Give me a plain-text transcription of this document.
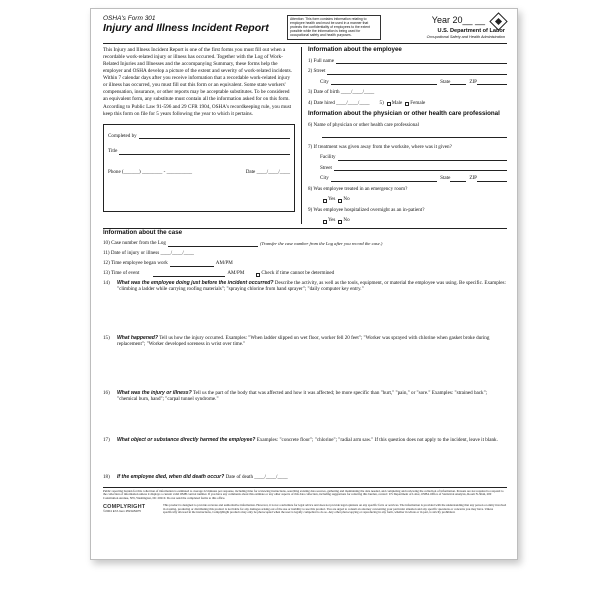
OSHA's Form 301
Injury and Illness Incident Report
Attention: This form contains information relating to employee health and must be used in a manner that protects the confidentiality of employees to the extent possible while the information is being used for occupational safety and health purposes.
Year 20__ __
U.S. Department of Labor
Occupational Safety and Health Administration

This Injury and Illness Incident Report is one of the first forms you must fill out when a recordable work-related injury or illness has occurred. Together with the Log of Work-Related Injuries and Illnesses and the accompanying Summary, these forms help the employer and OSHA develop a picture of the extent and severity of work-related incidents.

Within 7 calendar days after you receive information that a recordable work-related injury or illness has occurred, you must fill out this form or an equivalent. Some state workers' compensation, insurance, or other reports may be acceptable substitutes. To be considered an equivalent form, any substitute must contain all the information asked for on this form.

According to Public Law 91-596 and 29 CFR 1904, OSHA's recordkeeping rule, you must keep this form on file for 5 years following the year to which it pertains.

Completed by
Title
Phone (______) ________ - __________	Date ____/____/____
Information about the employee
1) Full name
2) Street
City	State	ZIP
3) Date of birth ____/____/____
4) Date hired ____/____/____ 5) Male Female
Information about the physician or other health care professional
6) Name of physician or other health care professional
7) If treatment was given away from the worksite, where was it given?
Facility
Street
City	State	ZIP
8) Was employee treated in an emergency room?
Yes No
9) Was employee hospitalized overnight as an in-patient?
Yes No
Information about the case
10) Case number from the Log	(Transfer the case number from the Log after you record the case.)
11) Date of injury or illness ____/____/____
12) Time employee began work	AM/PM
13) Time of event	AM/PM	Check if time cannot be determined
14)	What was the employee doing just before the incident occurred? Describe the activity, as well as the tools, equipment, or material the employee was using. Be specific. Examples: "climbing a ladder while carrying roofing materials"; "spraying chlorine from hand sprayer"; "daily computer key entry."
15)	What happened? Tell us how the injury occurred. Examples: "When ladder slipped on wet floor, worker fell 20 feet"; "Worker was sprayed with chlorine when gasket broke during replacement"; "Worker developed soreness in wrist over time."
16)	What was the injury or illness? Tell us the part of the body that was affected and how it was affected; be more specific than "hurt," "pain," or "sore." Examples: "strained back"; "chemical burn, hand"; "carpal tunnel syndrome."
17)	What object or substance directly harmed the employee? Examples: "concrete floor"; "chlorine"; "radial arm saw." If this question does not apply to the incident, leave it blank.
18)	If the employee died, when did death occur? Date of death ____/____/____
Public reporting burden for this collection of information is estimated to average 22 minutes per response, including time for reviewing instructions, searching existing data sources, gathering and maintaining the data needed, and completing and reviewing the collection of information. Persons are not required to respond to the collection of information unless it displays a current valid OMB control number. If you have any comments about this estimate or any other aspects of this data collection, including suggestions for reducing this burden, contact: US Department of Labor, OSHA Office of Statistical Analysis, Room N-3644, 200 Constitution Avenue, NW, Washington, DC 20210. Do not send the completed forms to this office.
COMPLYRIGHT
©2004 E7A Item #W3LB2P5
This product is designed to provide accurate and authoritative information. However, it is not a substitute for legal advice and does not provide legal opinions on any specific facts or services. The information is provided with the understanding that any person or entity involved in creating, producing or distributing this product is not liable for any damages arising out of the use or inability to use this product. You are urged to consult an attorney concerning your particular situation and any specific questions or concerns you may have. Unless specifically allowed in the instructions, ComplyRight products may only be photocopied when the user is legally compelled to do so. Any other photocopying or reproducing in any form, whether in whole or in part, is strictly prohibited.
